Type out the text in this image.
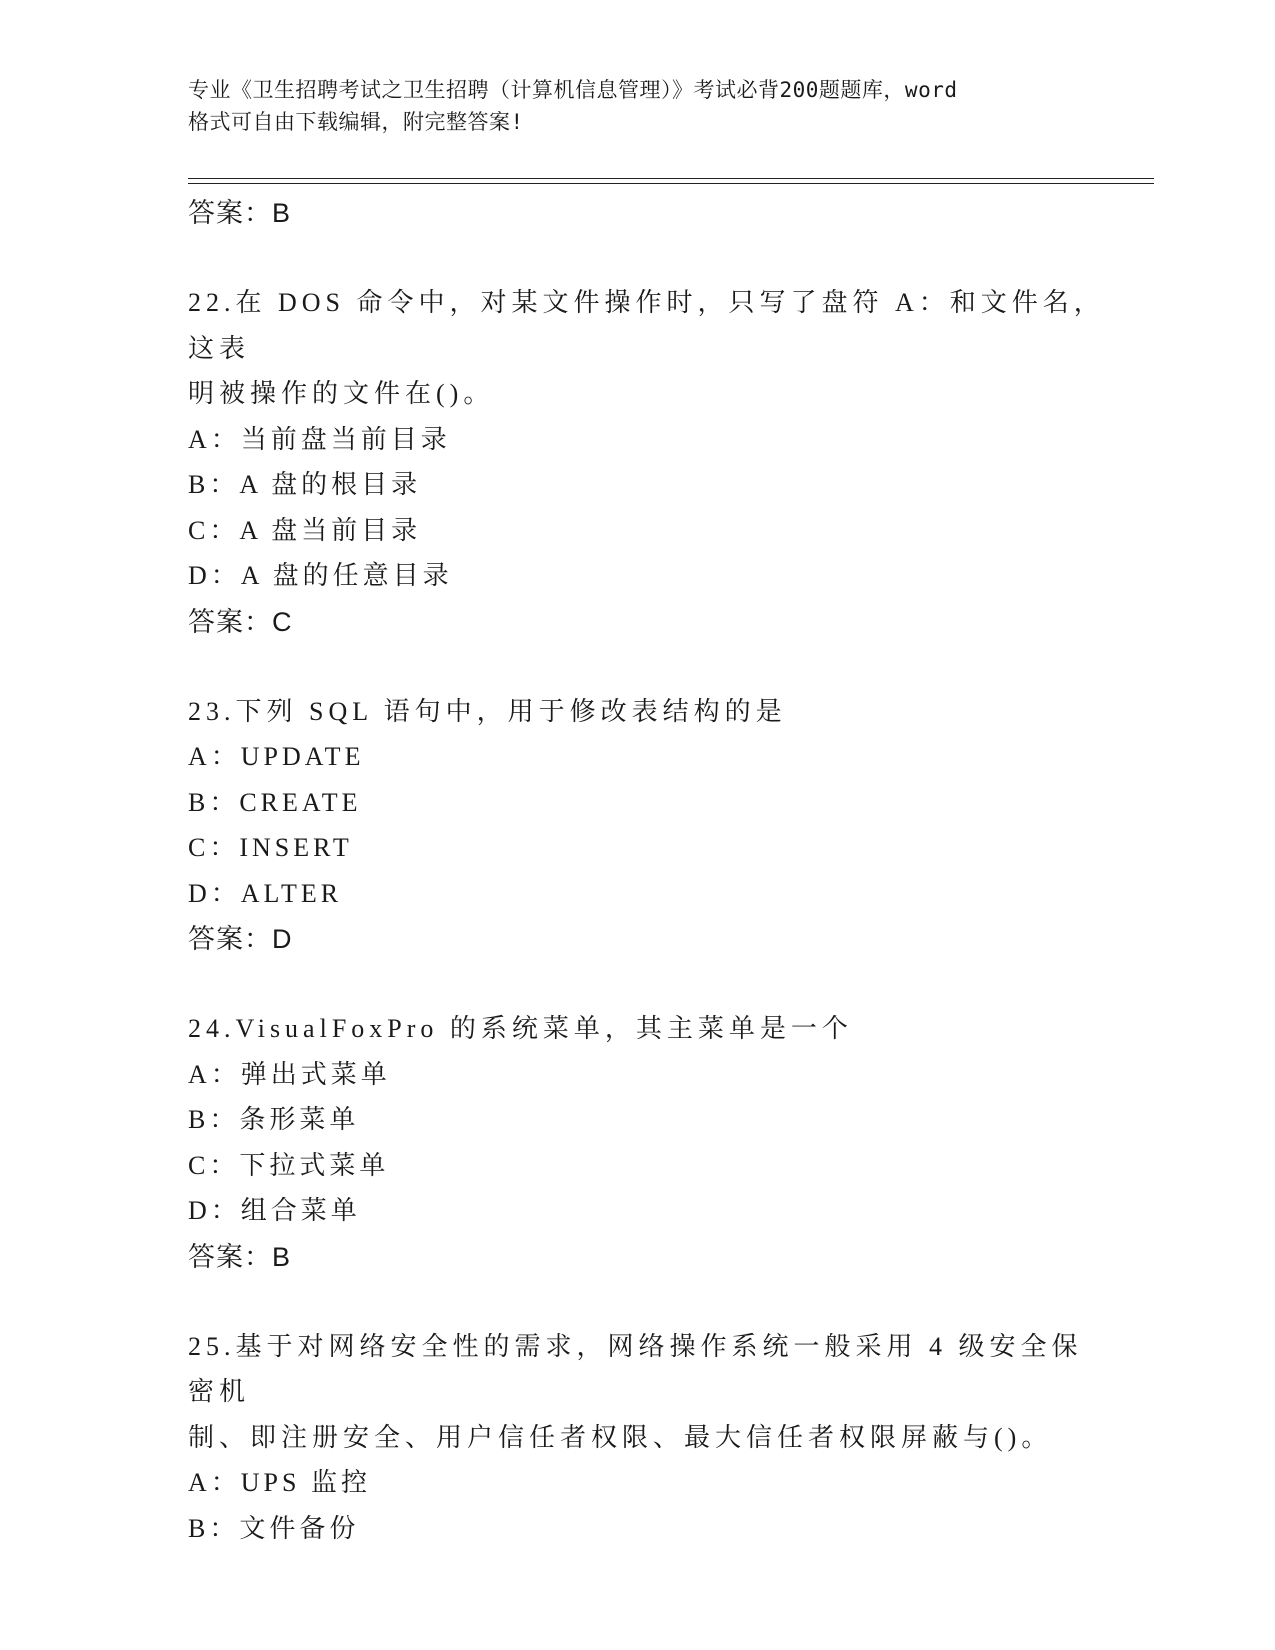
专业《卫生招聘考试之卫生招聘（计算机信息管理）》考试必背200题题库，word
格式可自由下载编辑，附完整答案!
答案：B
22.在 DOS 命令中，对某文件操作时，只写了盘符 A：和文件名，这表
明被操作的文件在()。
A：当前盘当前目录
B：A 盘的根目录
C：A 盘当前目录
D：A 盘的任意目录
答案：C
23.下列 SQL 语句中，用于修改表结构的是
A：UPDATE
B：CREATE
C：INSERT
D：ALTER
答案：D
24.VisualFoxPro 的系统菜单，其主菜单是一个
A：弹出式菜单
B：条形菜单
C：下拉式菜单
D：组合菜单
答案：B
25.基于对网络安全性的需求，网络操作系统一般采用 4 级安全保密机
制、即注册安全、用户信任者权限、最大信任者权限屏蔽与()。
A：UPS 监控
B：文件备份
